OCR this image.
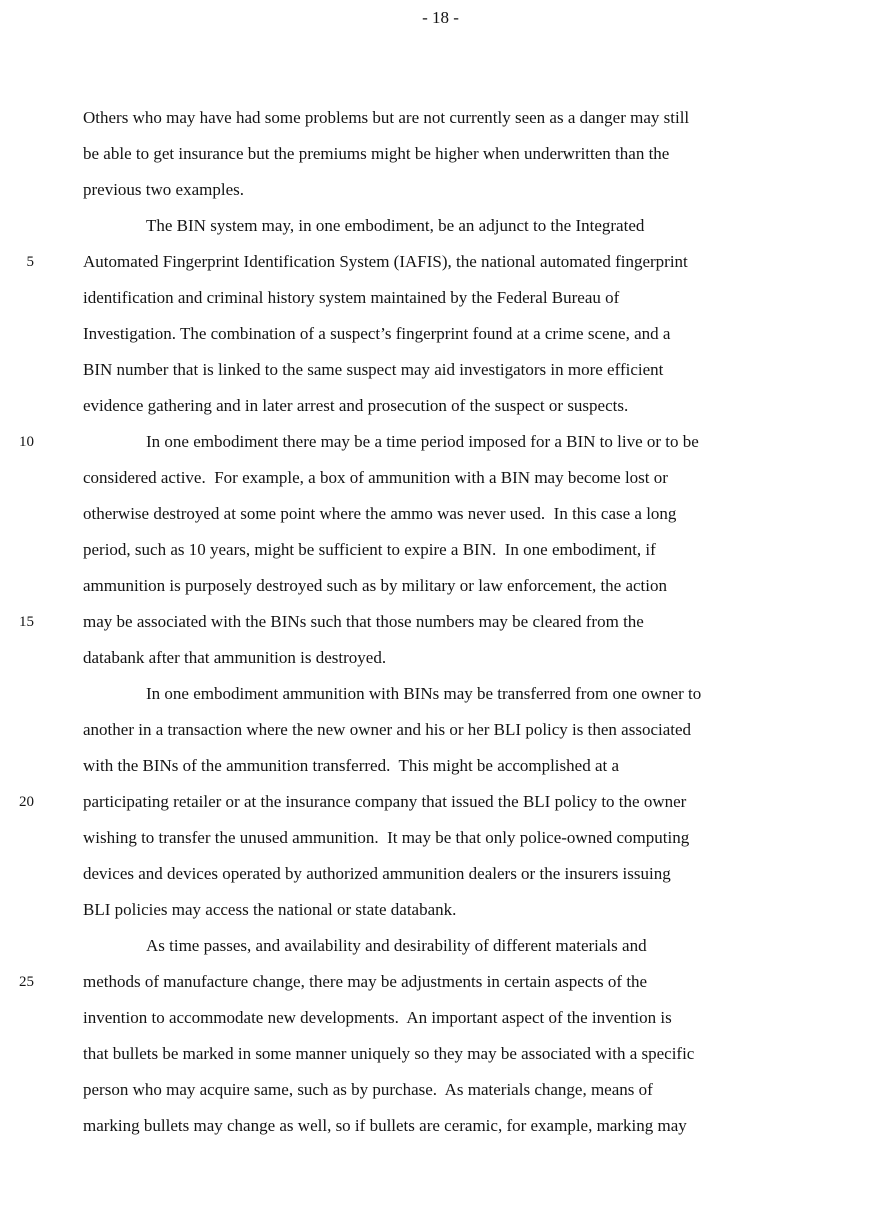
- 18 -
Others who may have had some problems but are not currently seen as a danger may still
be able to get insurance but the premiums might be higher when underwritten than the
previous two examples.
The BIN system may, in one embodiment, be an adjunct to the Integrated
5	Automated Fingerprint Identification System (IAFIS), the national automated fingerprint
identification and criminal history system maintained by the Federal Bureau of
Investigation. The combination of a suspect’s fingerprint found at a crime scene, and a
BIN number that is linked to the same suspect may aid investigators in more efficient
evidence gathering and in later arrest and prosecution of the suspect or suspects.
10	In one embodiment there may be a time period imposed for a BIN to live or to be
considered active.  For example, a box of ammunition with a BIN may become lost or
otherwise destroyed at some point where the ammo was never used.  In this case a long
period, such as 10 years, might be sufficient to expire a BIN.  In one embodiment, if
ammunition is purposely destroyed such as by military or law enforcement, the action
15	may be associated with the BINs such that those numbers may be cleared from the
databank after that ammunition is destroyed.
In one embodiment ammunition with BINs may be transferred from one owner to
another in a transaction where the new owner and his or her BLI policy is then associated
with the BINs of the ammunition transferred.  This might be accomplished at a
20	participating retailer or at the insurance company that issued the BLI policy to the owner
wishing to transfer the unused ammunition.  It may be that only police-owned computing
devices and devices operated by authorized ammunition dealers or the insurers issuing
BLI policies may access the national or state databank.
As time passes, and availability and desirability of different materials and
25	methods of manufacture change, there may be adjustments in certain aspects of the
invention to accommodate new developments.  An important aspect of the invention is
that bullets be marked in some manner uniquely so they may be associated with a specific
person who may acquire same, such as by purchase.  As materials change, means of
marking bullets may change as well, so if bullets are ceramic, for example, marking may
